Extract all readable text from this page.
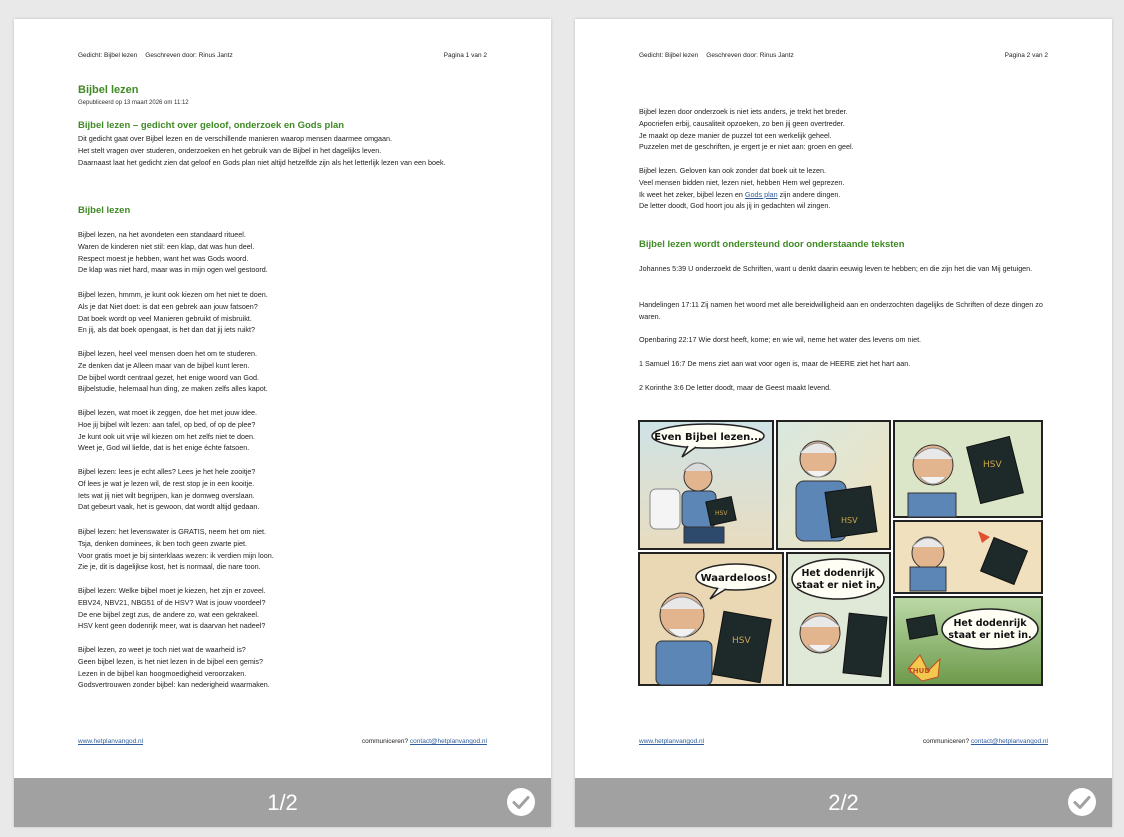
Gedicht: Bijbel lezen Geschreven door: Rinus Jantz	Pagina 1 van 2
Bijbel lezen
Gepubliceerd op 13 maart 2026 om 11:12
Bijbel lezen – gedicht over geloof, onderzoek en Gods plan
Dit gedicht gaat over Bijbel lezen en de verschillende manieren waarop mensen daarmee omgaan.
Het stelt vragen over studeren, onderzoeken en het gebruik van de Bijbel in het dagelijks leven.
Daarnaast laat het gedicht zien dat geloof en Gods plan niet altijd hetzelfde zijn als het letterlijk lezen van een boek.
Bijbel lezen
Bijbel lezen, na het avondeten een standaard ritueel.
Waren de kinderen niet stil: een klap, dat was hun deel.
Respect moest je hebben, want het was Gods woord.
De klap was niet hard, maar was in mijn ogen wel gestoord.
Bijbel lezen, hmmm, je kunt ook kiezen om het niet te doen.
Als je dat Niet doet: is dat een gebrek aan jouw fatsoen?
Dat boek wordt op veel Manieren gebruikt of misbruikt.
En jij, als dat boek opengaat, is het dan dat jij iets ruikt?
Bijbel lezen, heel veel mensen doen het om te studeren.
Ze denken dat je Alleen maar van de bijbel kunt leren.
De bijbel wordt centraal gezet, het enige woord van God.
Bijbelstudie, helemaal hun ding, ze maken zelfs alles kapot.
Bijbel lezen, wat moet ik zeggen, doe het met jouw idee.
Hoe jij bijbel wilt lezen: aan tafel, op bed, of op de plee?
Je kunt ook uit vrije wil kiezen om het zelfs niet te doen.
Weet je, God wil liefde, dat is het enige échte fatsoen.
Bijbel lezen: lees je echt alles? Lees je het hele zooitje?
Of lees je wat je lezen wil, de rest stop je in een kooitje.
Iets wat jij niet wilt begrijpen, kan je domweg overslaan.
Dat gebeurt vaak, het is gewoon, dat wordt altijd gedaan.
Bijbel lezen: het levenswater is GRATIS, neem het om niet.
Tsja, denken dominees, ik ben toch geen zwarte piet.
Voor gratis moet je bij sinterklaas wezen: ik verdien mijn loon.
Zie je, dit is dagelijkse kost, het is normaal, die nare toon.
Bijbel lezen: Welke bijbel moet je kiezen, het zijn er zoveel.
EBV24, NBV21, NBG51 of de HSV? Wat is jouw voordeel?
De ene bijbel zegt zus, de andere zo, wat een gekrakeel.
HSV kent geen dodenrijk meer, wat is daarvan het nadeel?
Bijbel lezen, zo weet je toch niet wat de waarheid is?
Geen bijbel lezen, is het niet lezen in de bijbel een gemis?
Lezen in de bijbel kan hoogmoedigheid veroorzaken.
Godsvertrouwen zonder bijbel: kan nederigheid waarmaken.
www.hetplanvangod.nl	communiceren? contact@hetplanvangod.nl
1/2
Gedicht: Bijbel lezen Geschreven door: Rinus Jantz	Pagina 2 van 2
Bijbel lezen door onderzoek is niet iets anders, je trekt het breder.
Apocriefen erbij, causaliteit opzoeken, zo ben jij geen overtreder.
Je maakt op deze manier de puzzel tot een werkelijk geheel.
Puzzelen met de geschriften, je ergert je er niet aan: groen en geel.
Bijbel lezen. Geloven kan ook zonder dat boek uit te lezen.
Veel mensen bidden niet, lezen niet, hebben Hem wel geprezen.
Ik weet het zeker, bijbel lezen en Gods plan zijn andere dingen.
De letter doodt, God hoort jou als jij in gedachten wil zingen.
Bijbel lezen wordt ondersteund door onderstaande teksten
Johannes 5:39 U onderzoekt de Schriften, want u denkt daarin eeuwig leven te hebben; en die zijn het die van Mij getuigen.
Handelingen 17:11 Zij namen het woord met alle bereidwilligheid aan en onderzochten dagelijks de Schriften of deze dingen zo waren.
Openbaring 22:17 Wie dorst heeft, kome; en wie wil, neme het water des levens om niet.
1 Samuel 16:7 De mens ziet aan wat voor ogen is, maar de HEERE ziet het hart aan.
2 Korinthe 3:6 De letter doodt, maar de Geest maakt levend.
HSV
Even Bijbel lezen...
HSV
HSV
HSV
Waardeloos!	Het dodenrijk
staat er niet in.
THUD
Het dodenrijk
staat er niet in.
www.hetplanvangod.nl	communiceren? contact@hetplanvangod.nl
2/2
